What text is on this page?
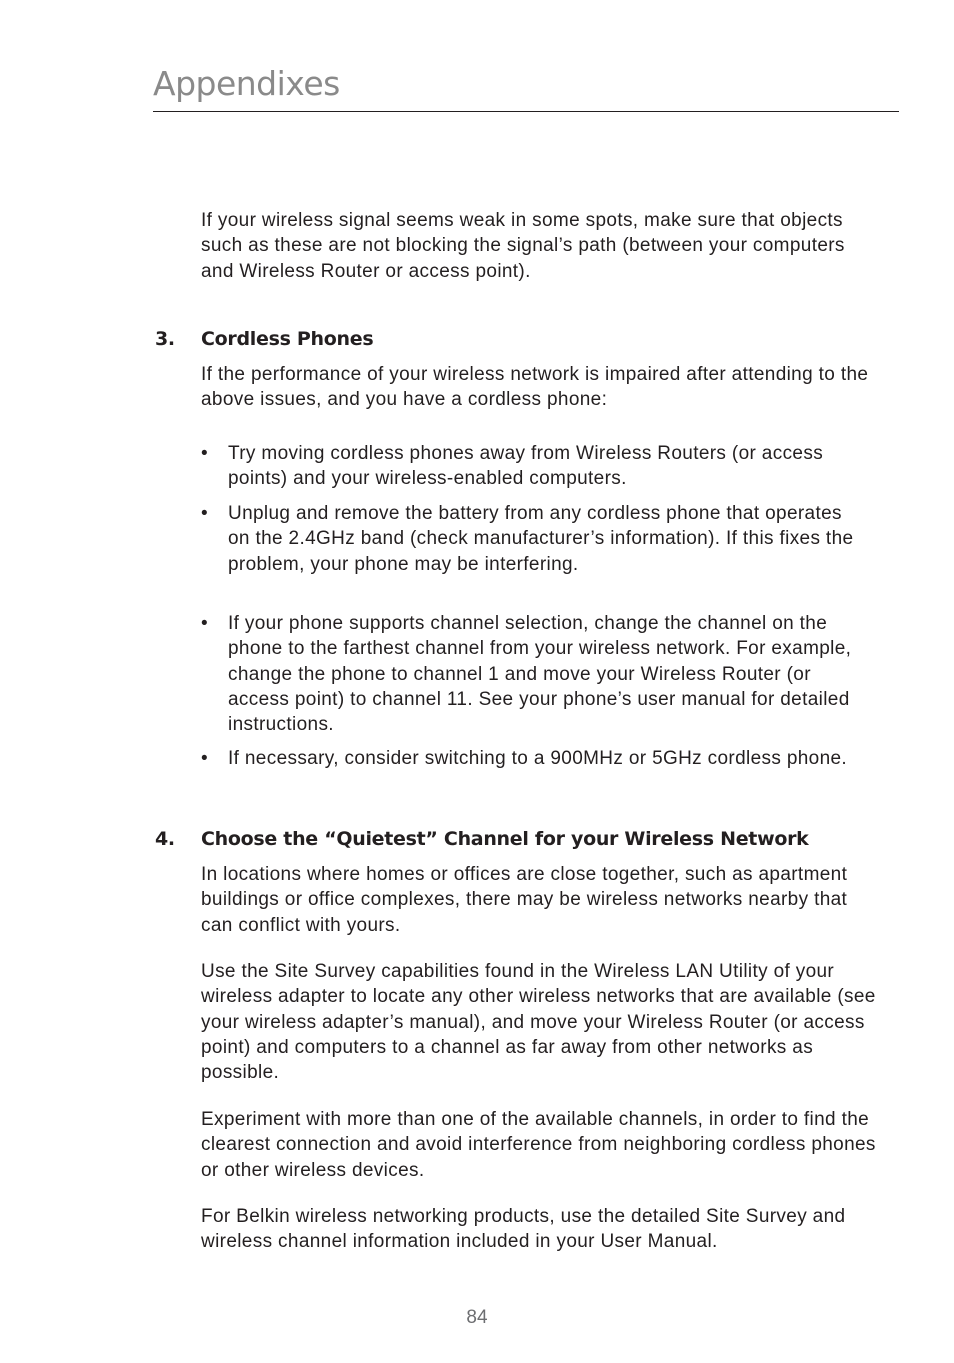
Appendixes

If your wireless signal seems weak in some spots, make sure that objects such as these are not blocking the signal’s path (between your computers and Wireless Router or access point).

3. Cordless Phones

If the performance of your wireless network is impaired after attending to the above issues, and you have a cordless phone:

• Try moving cordless phones away from Wireless Routers (or access points) and your wireless-enabled computers.
• Unplug and remove the battery from any cordless phone that operates on the 2.4GHz band (check manufacturer’s information). If this fixes the problem, your phone may be interfering.
• If your phone supports channel selection, change the channel on the phone to the farthest channel from your wireless network. For example, change the phone to channel 1 and move your Wireless Router (or access point) to channel 11. See your phone’s user manual for detailed instructions.
• If necessary, consider switching to a 900MHz or 5GHz cordless phone.
4. Choose the “Quietest” Channel for your Wireless Network

In locations where homes or offices are close together, such as apartment buildings or office complexes, there may be wireless networks nearby that can conflict with yours.

Use the Site Survey capabilities found in the Wireless LAN Utility of your wireless adapter to locate any other wireless networks that are available (see your wireless adapter’s manual), and move your Wireless Router (or access point) and computers to a channel as far away from other networks as possible.

Experiment with more than one of the available channels, in order to find the clearest connection and avoid interference from neighboring cordless phones or other wireless devices.

For Belkin wireless networking products, use the detailed Site Survey and wireless channel information included in your User Manual.

84
